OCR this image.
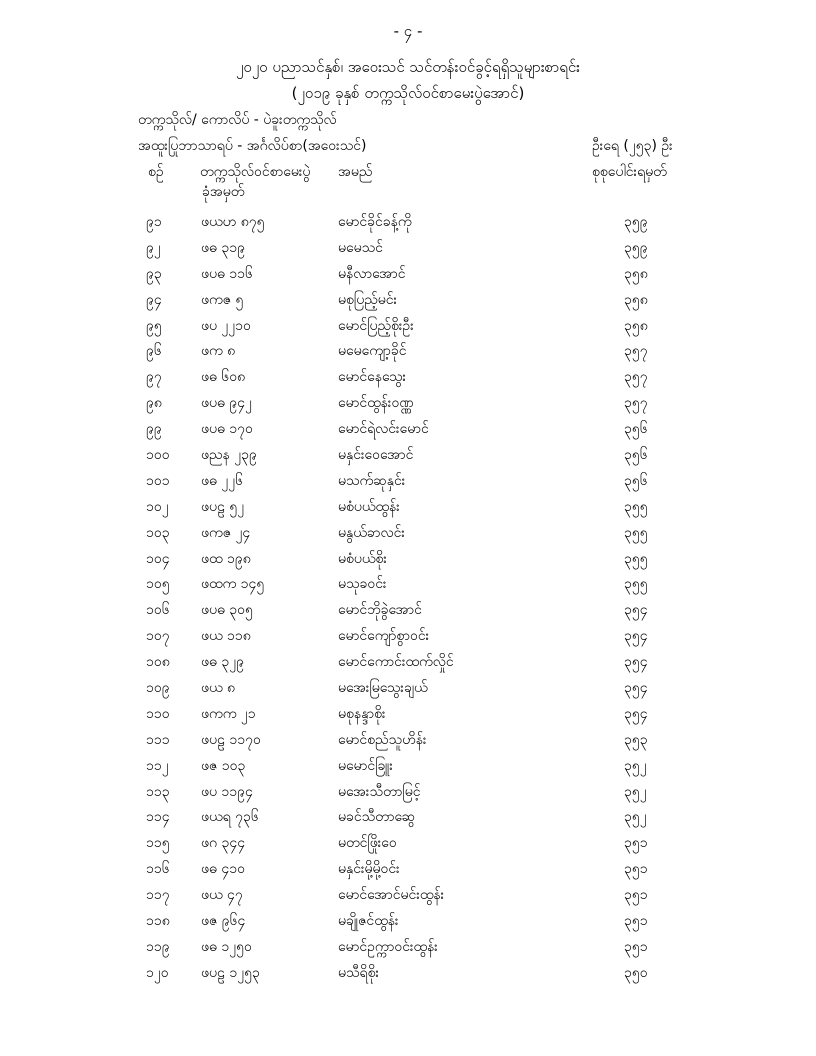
- ၄ -
၂၀၂၀ ပညာသင်နှစ်၊ အဝေးသင် သင်တန်းဝင်ခွင့်ရရှိသူများစာရင်း
(၂၀၁၉ ခုနှစ် တက္ကသိုလ်ဝင်စာမေးပွဲအောင်)
တက္ကသိုလ်/ ကောလိပ် - ပဲခူးတက္ကသိုလ်
အထူးပြုဘာသာရပ် - အင်္ဂလိပ်စာ(အဝေးသင်)	ဦးရေ (၂၅၃) ဦး
စဉ်	တက္ကသိုလ်ဝင်စာမေးပွဲ
ခုံအမှတ်
အမည်	စုစုပေါင်းရမှတ်
၉၁	ဖယဟ ၈၇၅	မောင်ခိုင်ခန့်ကို	၃၅၉
၉၂	ဖဓ ၃၁၉	မမေသင်	၃၅၉
၉၃	ဖပဓ ၁၁၆	မနီလာအောင်	၃၅၈
၉၄	ဖကဇ ၅	မစုပြည့်မင်း	၃၅၈
၉၅	ဖပ ၂၂၁၀	မောင်ပြည့်စိုးဦး	၃၅၈
၉၆	ဖက ၈	မမေကျော့ခိုင်	၃၅၇
၉၇	ဖဓ ၆၀၈	မောင်နေသွေး	၃၅၇
၉၈	ဖပဓ ၉၄၂	မောင်ထွန်းဝဏ္ဏ	၃၅၇
၉၉	ဖပဓ ၁၇၀	မောင်ရဲလင်းမောင်	၃၅၆
၁၀၀ ဖညန ၂၃၉	မနှင်းဝေအောင်	၃၅၆
၁၀၁ ဖဓ ၂၂၆	မသက်ဆုနှင်း	၃၅၆
၁၀၂ ဖပဠ ၅၂	မစံပယ်ထွန်း	၃၅၅
၁၀၃ ဖကဇ ၂၄	မနွယ်ခာလင်း	၃၅၅
၁၀၄ ဖထ ၁၉၈	မစံပယ်စိုး	၃၅၅
၁၀၅ ဖထက ၁၄၅	မသုခဝင်း	၃၅၅
၁၀၆ ဖပဓ ၃၀၅	မောင်ဘိုခွဲအောင်	၃၅၄
၁၀၇ ဖယ ၁၁၈	မောင်ကျော်စွာဝင်း	၃၅၄
၁၀၈ ဖဓ ၃၂၉	မောင်ကောင်းထက်လှိုင်	၃၅၄
၁၀၉ ဖယ ၈	မအေးမြသွေးချယ်	၃၅၄
၁၁၀ ဖကက ၂၁	မစုနန္ဒာစိုး	၃၅၄
၁၁၁ ဖပဠ ၁၁၇၀	မောင်စည်သူဟိန်း	၃၅၃
၁၁၂ ဖဇ ၁၀၃	မမောင်ခြူး	၃၅၂
၁၁၃ ဖပ ၁၁၉၄	မအေးသီတာမြင့်	၃၅၂
၁၁၄ ဖယရ ၇၃၆	မခင်သီတာဆွေ	၃၅၂
၁၁၅ ဖဂ ၃၄၄	မတင်ဖြိုးဝေ	၃၅၁
၁၁၆ ဖဓ ၄၁၀	မနှင်းမို့မို့ဝင်း	၃၅၁
၁၁၇ ဖယ ၄၇	မောင်အောင်မင်းထွန်း	၃၅၁
၁၁၈ ဖဇ ၉၆၄	မချိုဇင်ထွန်း	၃၅၁
၁၁၉ ဖဓ ၁၂၅၀	မောင်ဥက္ကာဝင်းထွန်း	၃၅၁
၁၂၀ ဖပဠ ၁၂၅၃	မသီရိစိုး	၃၅၀
